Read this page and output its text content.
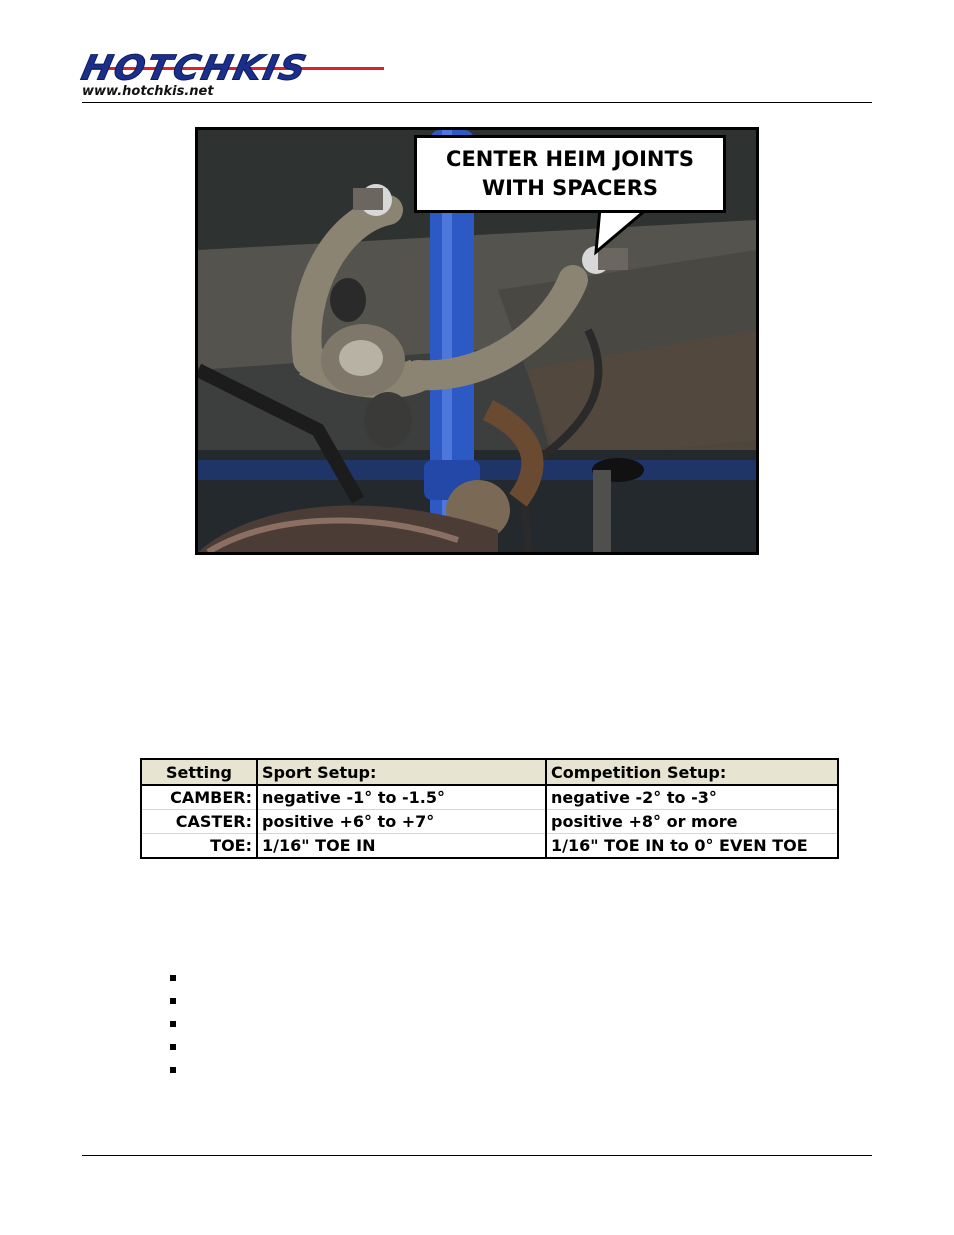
HOTCHKIS
www.hotchkis.net
CENTER HEIM JOINTS
WITH SPACERS
Setting	Sport Setup:	Competition Setup:
CAMBER:	negative -1° to -1.5°	negative -2° to -3°
CASTER:	positive +6° to +7°	positive +8° or more
TOE:	1/16" TOE IN	1/16" TOE IN to 0° EVEN TOE
